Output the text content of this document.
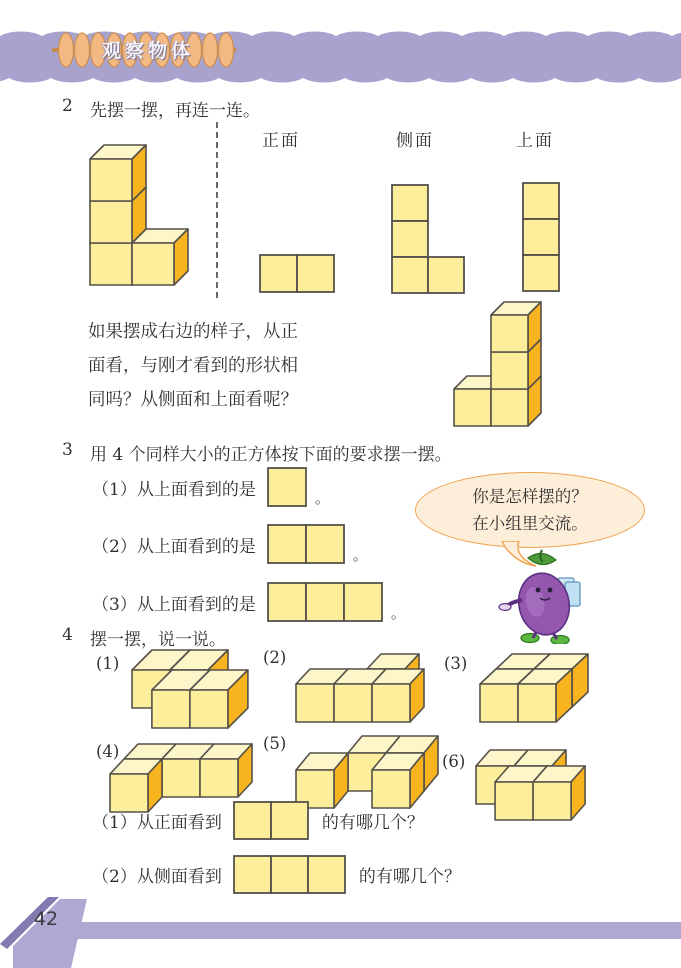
观察物体
2 先摆一摆，再连一连。
正面	侧面	上面
如果摆成右边的样子，从正
面看，与刚才看到的形状相
同吗？从侧面和上面看呢？
3 用 4 个同样大小的正方体按下面的要求摆一摆。
（1） 从上面看到的是	。
（2） 从上面看到的是	。
（3） 从上面看到的是	。
你是怎样摆的？
在小组里交流。
4 摆一摆，说一说。
(1)	(2)	(3)
(4)	(5)
(6)
（1） 从正面看到	的有哪几个？
（2） 从侧面看到	的有哪几个？
42
